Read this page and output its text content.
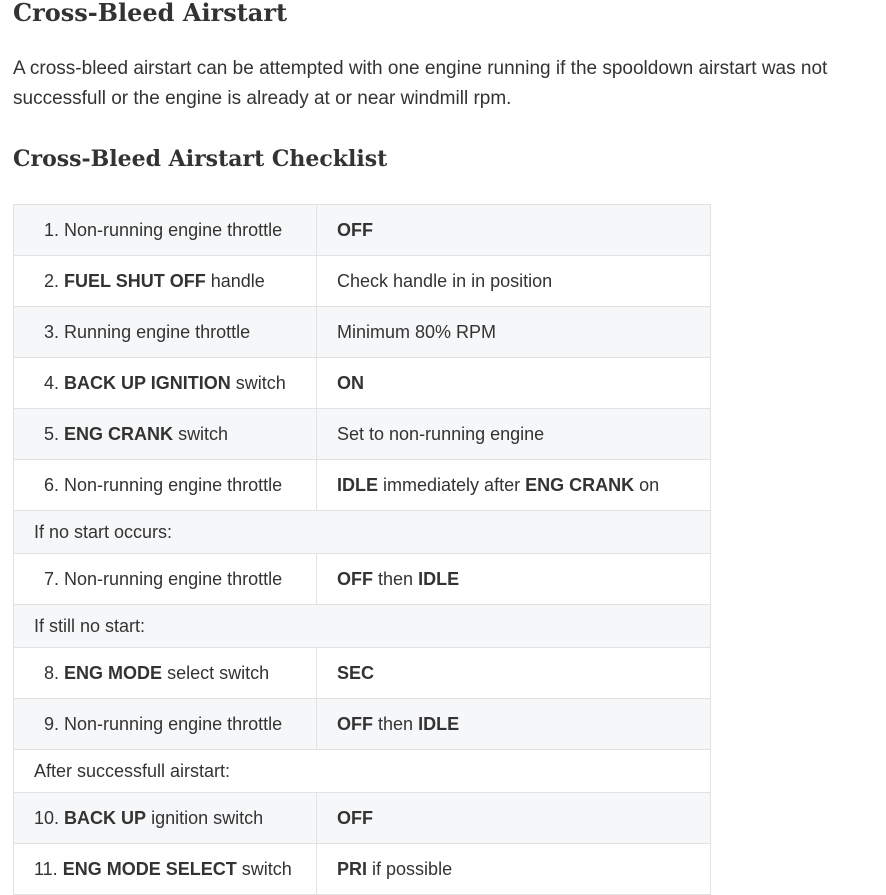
Cross-Bleed Airstart

A cross-bleed airstart can be attempted with one engine running if the spooldown airstart was not successfull or the engine is already at or near windmill rpm.

Cross-Bleed Airstart Checklist
1. Non-running engine throttle	OFF
2. FUEL SHUT OFF handle	Check handle in in position
3. Running engine throttle	Minimum 80% RPM
4. BACK UP IGNITION switch	ON
5. ENG CRANK switch	Set to non-running engine
6. Non-running engine throttle	IDLE immediately after ENG CRANK on
If no start occurs:	
7. Non-running engine throttle	OFF then IDLE
If still no start:	
8. ENG MODE select switch	SEC
9. Non-running engine throttle	OFF then IDLE
After successfull airstart:	
10. BACK UP ignition switch	OFF
11. ENG MODE SELECT switch	PRI if possible
